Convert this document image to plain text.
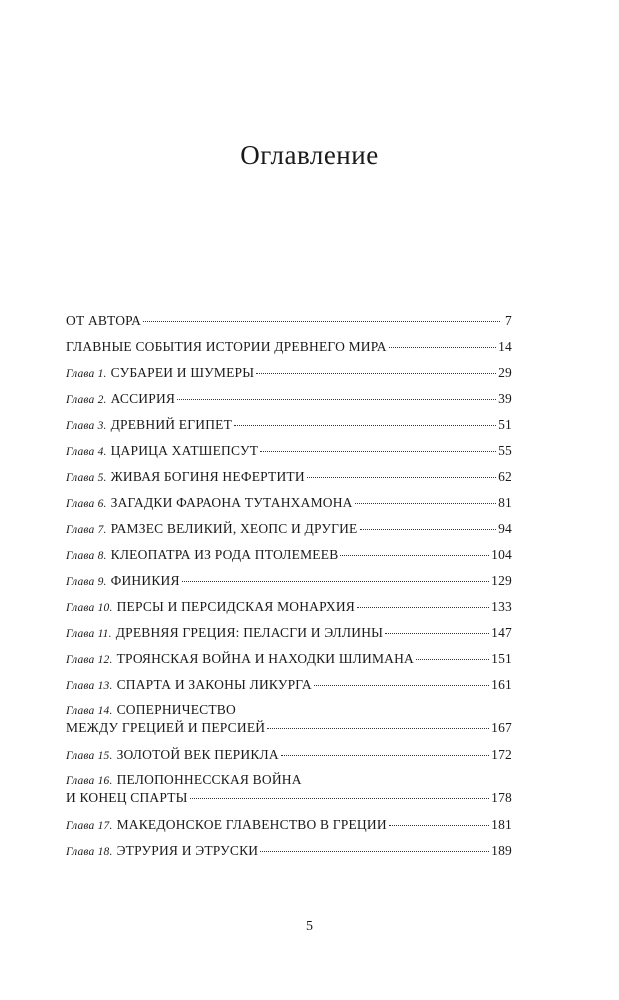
Оглавление
ОТ АВТОРА	7
ГЛАВНЫЕ СОБЫТИЯ ИСТОРИИ ДРЕВНЕГО МИРА	14
Глава 1. СУБАРЕИ И ШУМЕРЫ	29
Глава 2. АССИРИЯ	39
Глава 3. ДРЕВНИЙ ЕГИПЕТ	51
Глава 4. ЦАРИЦА ХАТШЕПСУТ	55
Глава 5. ЖИВАЯ БОГИНЯ НЕФЕРТИТИ	62
Глава 6. ЗАГАДКИ ФАРАОНА ТУТАНХАМОНА	81
Глава 7. РАМЗЕС ВЕЛИКИЙ, ХЕОПС И ДРУГИЕ	94
Глава 8. КЛЕОПАТРА ИЗ РОДА ПТОЛЕМЕЕВ	104
Глава 9. ФИНИКИЯ	129
Глава 10. ПЕРСЫ И ПЕРСИДСКАЯ МОНАРХИЯ	133
Глава 11. ДРЕВНЯЯ ГРЕЦИЯ: ПЕЛАСГИ И ЭЛЛИНЫ	147
Глава 12. ТРОЯНСКАЯ ВОЙНА И НАХОДКИ ШЛИМАНА	151
Глава 13. СПАРТА И ЗАКОНЫ ЛИКУРГА	161
Глава 14. СОПЕРНИЧЕСТВО
МЕЖДУ ГРЕЦИЕЙ И ПЕРСИЕЙ	167
Глава 15. ЗОЛОТОЙ ВЕК ПЕРИКЛА	172
Глава 16. ПЕЛОПОННЕССКАЯ ВОЙНА
И КОНЕЦ СПАРТЫ	178
Глава 17. МАКЕДОНСКОЕ ГЛАВЕНСТВО В ГРЕЦИИ	181
Глава 18. ЭТРУРИЯ И ЭТРУСКИ	189
5
